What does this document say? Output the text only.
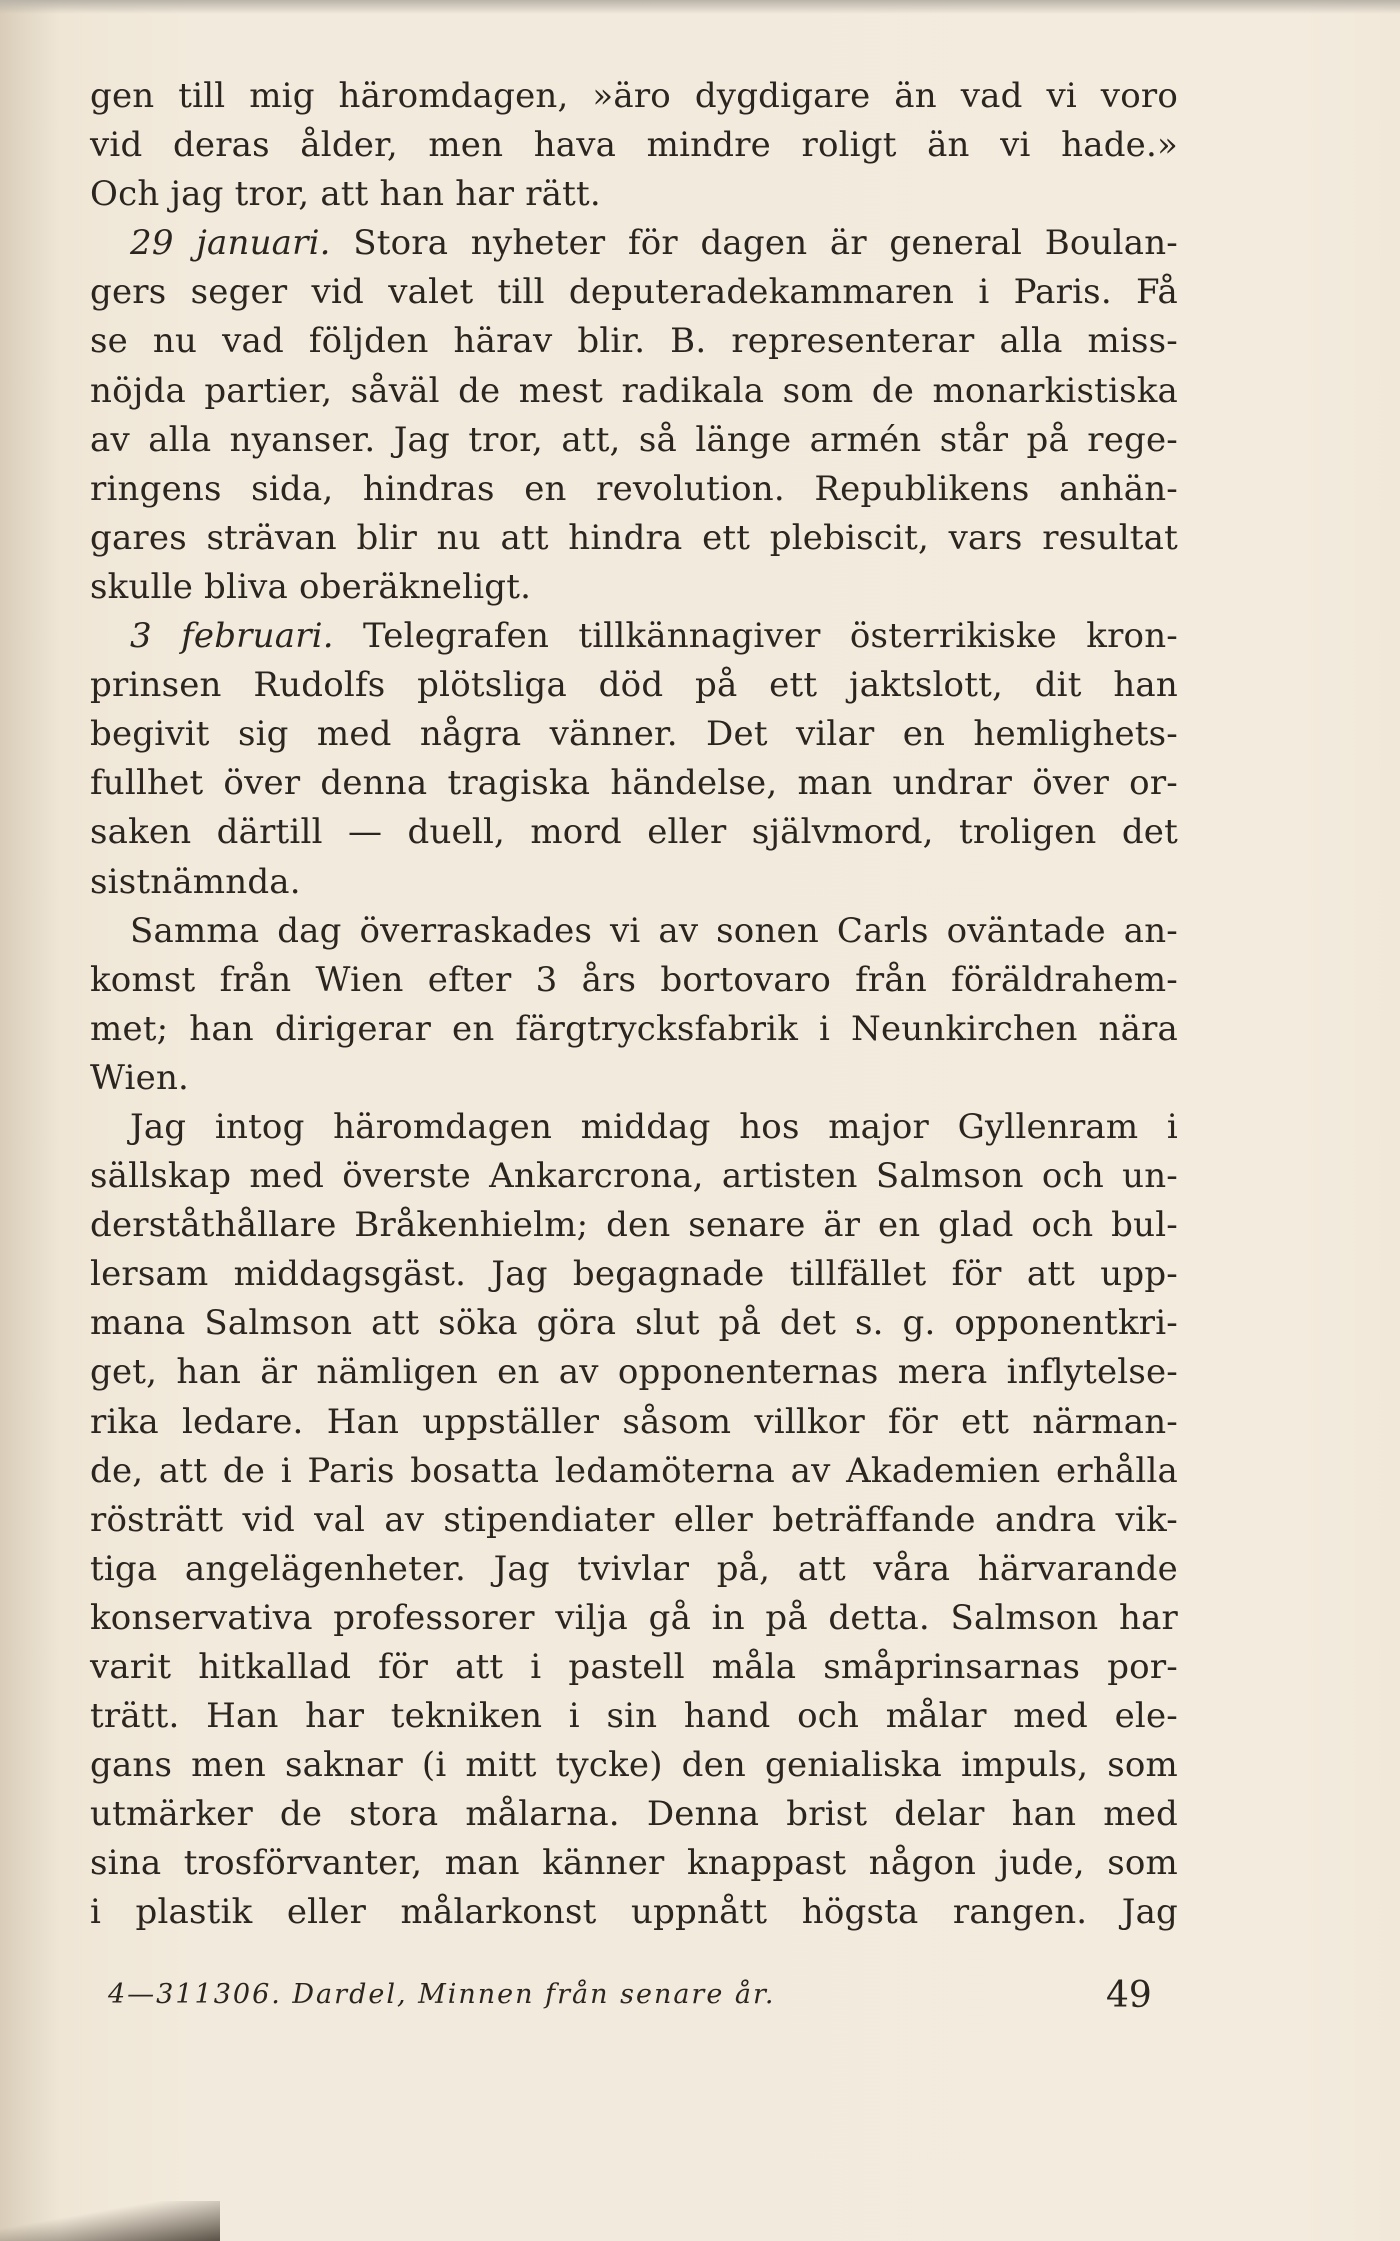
gen till mig häromdagen, »äro dygdigare än vad vi voro
vid deras ålder, men hava mindre roligt än vi hade.»
Och jag tror, att han har rätt.
29 januari. Stora nyheter för dagen är general Boulan-
gers seger vid valet till deputeradekammaren i Paris. Få
se nu vad följden härav blir. B. representerar alla miss-
nöjda partier, såväl de mest radikala som de monarkistiska
av alla nyanser. Jag tror, att, så länge armén står på rege-
ringens sida, hindras en revolution. Republikens anhän-
gares strävan blir nu att hindra ett plebiscit, vars resultat
skulle bliva oberäkneligt.
3 februari. Telegrafen tillkännagiver österrikiske kron-
prinsen Rudolfs plötsliga död på ett jaktslott, dit han
begivit sig med några vänner. Det vilar en hemlighets-
fullhet över denna tragiska händelse, man undrar över or-
saken därtill — duell, mord eller självmord, troligen det
sistnämnda.
Samma dag överraskades vi av sonen Carls oväntade an-
komst från Wien efter 3 års bortovaro från föräldrahem-
met; han dirigerar en färgtrycksfabrik i Neunkirchen nära
Wien.
Jag intog häromdagen middag hos major Gyllenram i
sällskap med överste Ankarcrona, artisten Salmson och un-
derståthållare Bråkenhielm; den senare är en glad och bul-
lersam middagsgäst. Jag begagnade tillfället för att upp-
mana Salmson att söka göra slut på det s. g. opponentkri-
get, han är nämligen en av opponenternas mera inflytelse-
rika ledare. Han uppställer såsom villkor för ett närman-
de, att de i Paris bosatta ledamöterna av Akademien erhålla
rösträtt vid val av stipendiater eller beträffande andra vik-
tiga angelägenheter. Jag tvivlar på, att våra härvarande
konservativa professorer vilja gå in på detta. Salmson har
varit hitkallad för att i pastell måla småprinsarnas por-
trätt. Han har tekniken i sin hand och målar med ele-
gans men saknar (i mitt tycke) den genialiska impuls, som
utmärker de stora målarna. Denna brist delar han med
sina trosförvanter, man känner knappast någon jude, som
i plastik eller målarkonst uppnått högsta rangen. Jag
4—311306. Dardel, Minnen från senare år.	49
